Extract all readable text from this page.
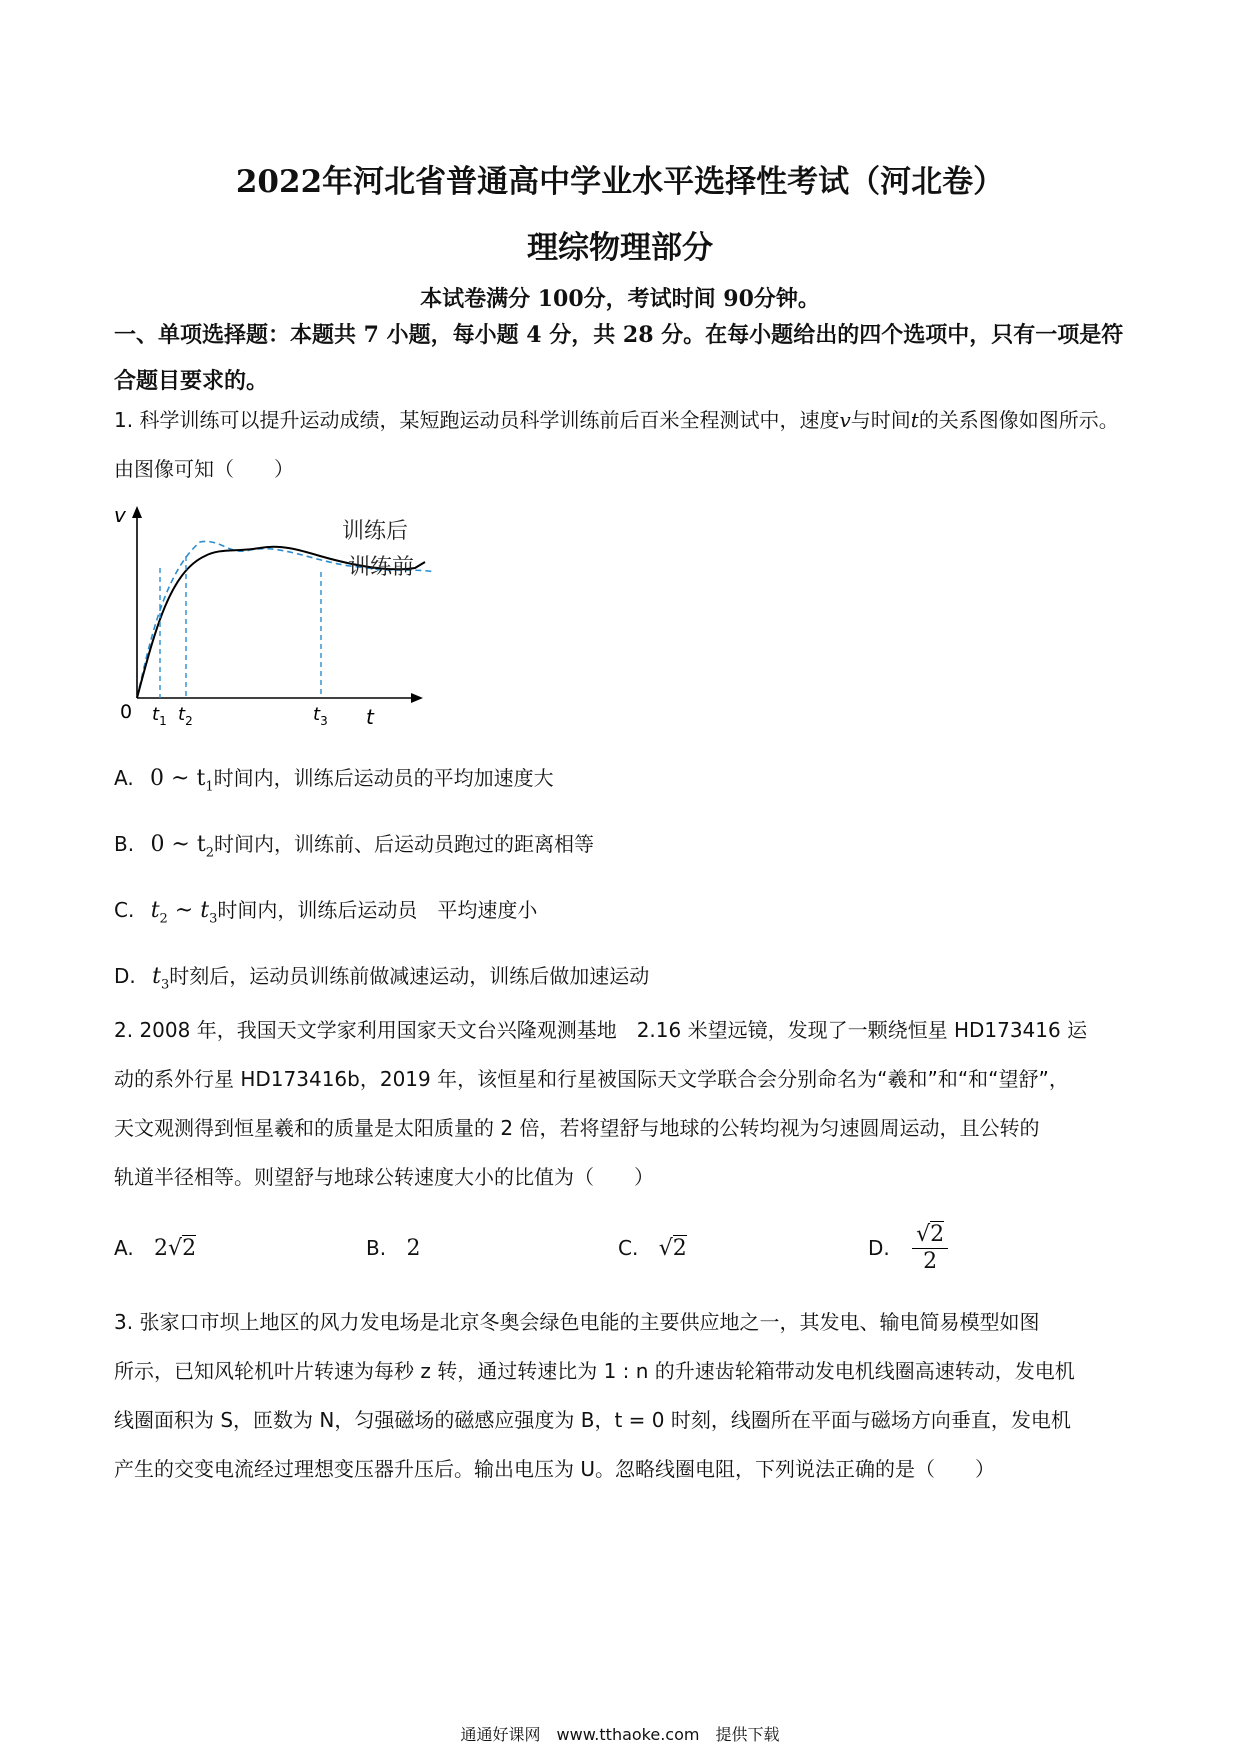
2022年河北省普通高中学业水平选择性考试（河北卷）
理综物理部分
本试卷满分 100分，考试时间 90分钟。
一、单项选择题：本题共 7 小题，每小题 4 分，共 28 分。在每小题给出的四个选项中，只有一项是符合题目要求的。
1. 科学训练可以提升运动成绩，某短跑运动员科学训练前后百米全程测试中，速度v与时间t的关系图像如图所示。由图像可知（　　）
v
0	t
训练后
训练前
$t_1$ $t_2$	$t_3$
A. 0 ~ $t_1$时间内，训练后运动员的平均加速度大
B. 0 ~ $t_2$时间内，训练前、后运动员跑过的距离相等
C. $t_2$ ~ $t_3$时间内，训练后运动员　平均速度小
D. $t_3$时刻后，运动员训练前做减速运动，训练后做加速运动
2. 2008 年，我国天文学家利用国家天文台兴隆观测基地　2.16 米望远镜，发现了一颗绕恒星 HD173416 运
动的系外行星 HD173416b，2019 年，该恒星和行星被国际天文学联合会分别命名为“羲和”和“和“望舒”，
天文观测得到恒星羲和的质量是太阳质量的 2 倍，若将望舒与地球的公转均视为匀速圆周运动，且公转的
轨道半径相等。则望舒与地球公转速度大小的比值为（　　）
A. 2√2	B. 2	C. √2	D. $\frac{√2}{2}$
3. 张家口市坝上地区的风力发电场是北京冬奥会绿色电能的主要供应地之一，其发电、输电简易模型如图
所示，已知风轮机叶片转速为每秒 z 转，通过转速比为 1 : n 的升速齿轮箱带动发电机线圈高速转动，发电机
线圈面积为 S，匝数为 N，匀强磁场的磁感应强度为 B，t = 0 时刻，线圈所在平面与磁场方向垂直，发电机
产生的交变电流经过理想变压器升压后。输出电压为 U。忽略线圈电阻，下列说法正确的是（　　）
通通好课网　www.tthaoke.com　提供下载
